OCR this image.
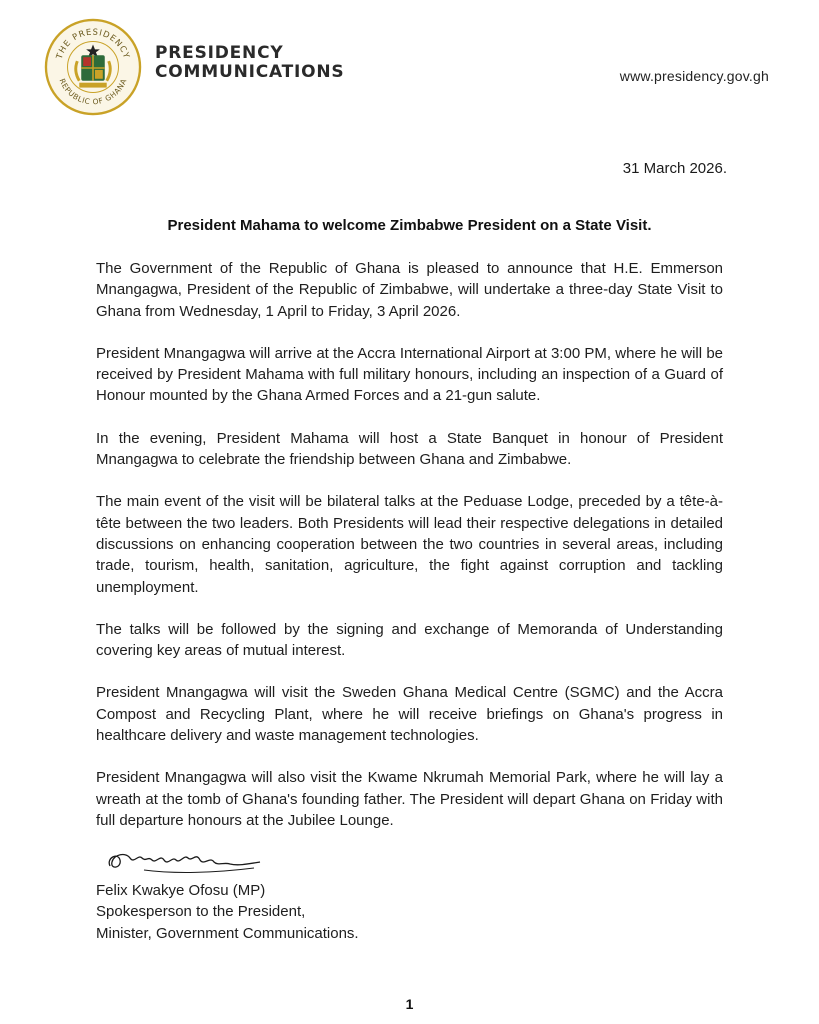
THE PRESIDENCY
REPUBLIC OF GHANA
PRESIDENCY
COMMUNICATIONS	www.presidency.gov.gh
31 March 2026.
President Mahama to welcome Zimbabwe President on a State Visit.

The Government of the Republic of Ghana is pleased to announce that H.E. Emmerson Mnangagwa, President of the Republic of Zimbabwe, will undertake a three-day State Visit to Ghana from Wednesday, 1 April to Friday, 3 April 2026.

President Mnangagwa will arrive at the Accra International Airport at 3:00 PM, where he will be received by President Mahama with full military honours, including an inspection of a Guard of Honour mounted by the Ghana Armed Forces and a 21-gun salute.

In the evening, President Mahama will host a State Banquet in honour of President Mnangagwa to celebrate the friendship between Ghana and Zimbabwe.

The main event of the visit will be bilateral talks at the Peduase Lodge, preceded by a tête-à-tête between the two leaders. Both Presidents will lead their respective delegations in detailed discussions on enhancing cooperation between the two countries in several areas, including trade, tourism, health, sanitation, agriculture, the fight against corruption and tackling unemployment.

The talks will be followed by the signing and exchange of Memoranda of Understanding covering key areas of mutual interest.

President Mnangagwa will visit the Sweden Ghana Medical Centre (SGMC) and the Accra Compost and Recycling Plant, where he will receive briefings on Ghana's progress in healthcare delivery and waste management technologies.

President Mnangagwa will also visit the Kwame Nkrumah Memorial Park, where he will lay a wreath at the tomb of Ghana's founding father. The President will depart Ghana on Friday with full departure honours at the Jubilee Lounge.

Felix Kwakye Ofosu (MP)
Spokesperson to the President,
Minister, Government Communications.
1
